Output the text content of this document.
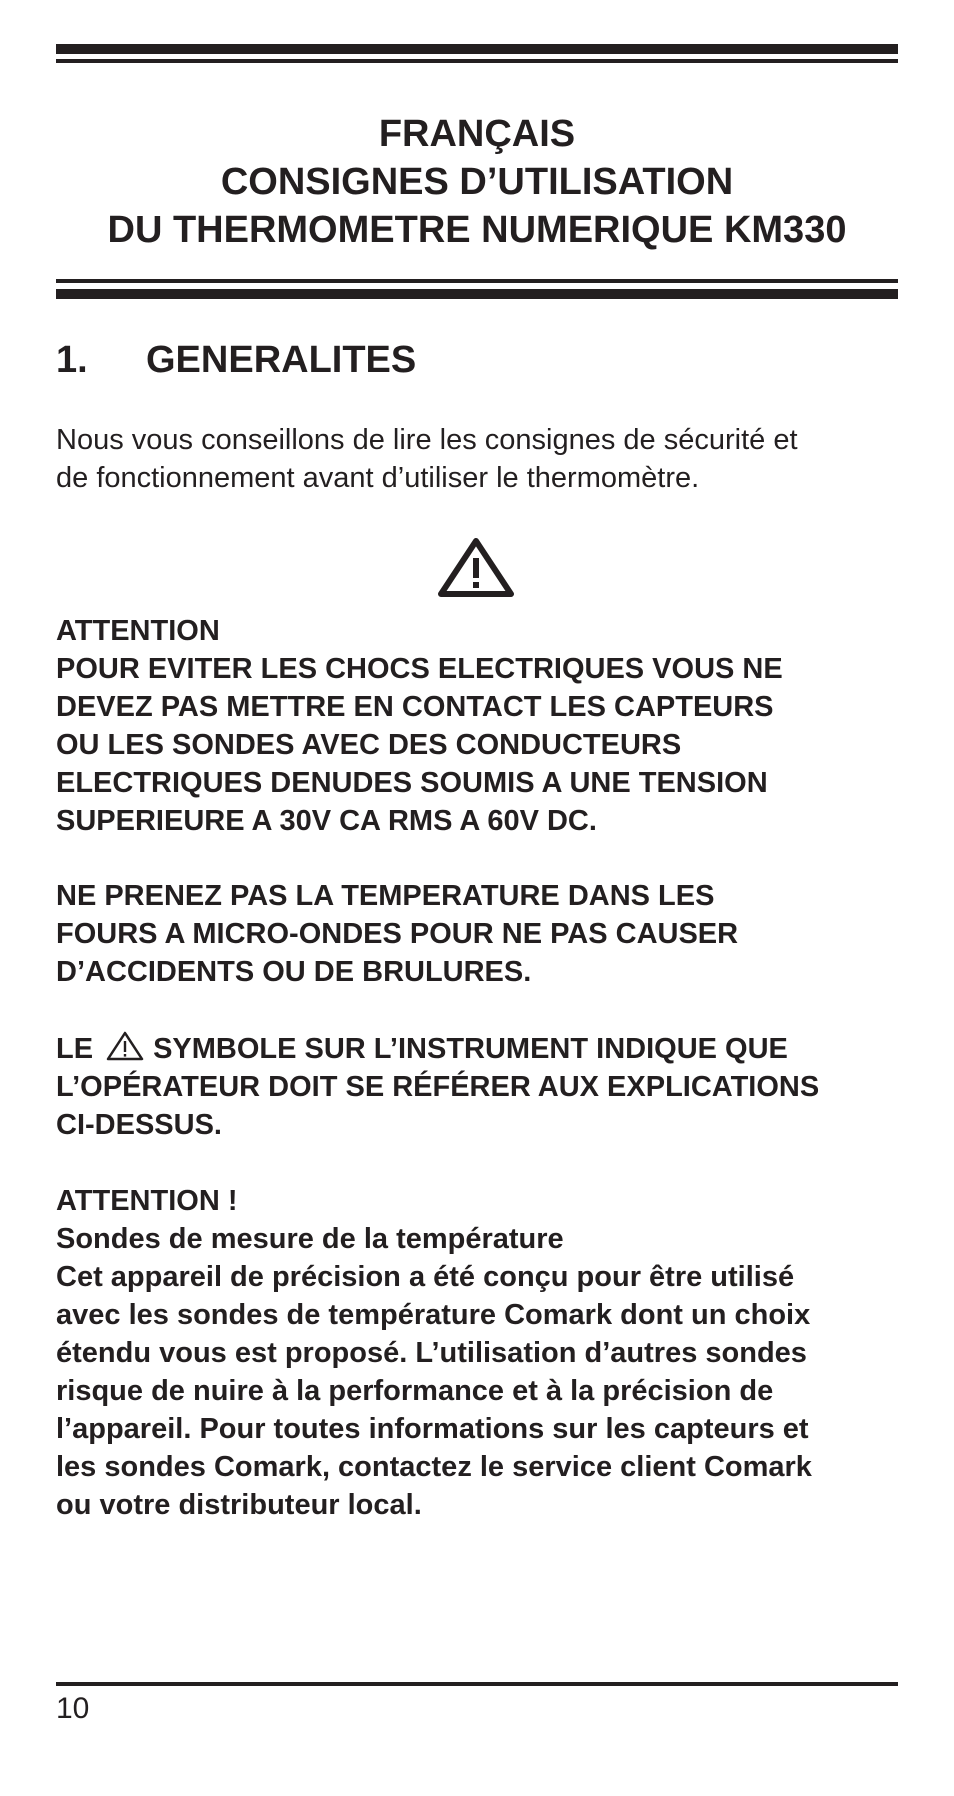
FRANÇAIS
CONSIGNES D’UTILISATION
DU THERMOMETRE NUMERIQUE KM330
1. GENERALITES
Nous vous conseillons de lire les consignes de sécurité et
de fonctionnement avant d’utiliser le thermomètre.
ATTENTION
POUR EVITER LES CHOCS ELECTRIQUES VOUS NE
DEVEZ PAS METTRE EN CONTACT LES CAPTEURS
OU LES SONDES AVEC DES CONDUCTEURS
ELECTRIQUES DENUDES SOUMIS A UNE TENSION
SUPERIEURE A 30V CA RMS A 60V DC.
NE PRENEZ PAS LA TEMPERATURE DANS LES
FOURS A MICRO-ONDES POUR NE PAS CAUSER
D’ACCIDENTS OU DE BRULURES.
LE SYMBOLE SUR L’INSTRUMENT INDIQUE QUE
L’OPÉRATEUR DOIT SE RÉFÉRER AUX EXPLICATIONS
CI-DESSUS.
ATTENTION !
Sondes de mesure de la température
Cet appareil de précision a été conçu pour être utilisé
avec les sondes de température Comark dont un choix
étendu vous est proposé. L’utilisation d’autres sondes
risque de nuire à la performance et à la précision de
l’appareil. Pour toutes informations sur les capteurs et
les sondes Comark, contactez le service client Comark
ou votre distributeur local.
10
